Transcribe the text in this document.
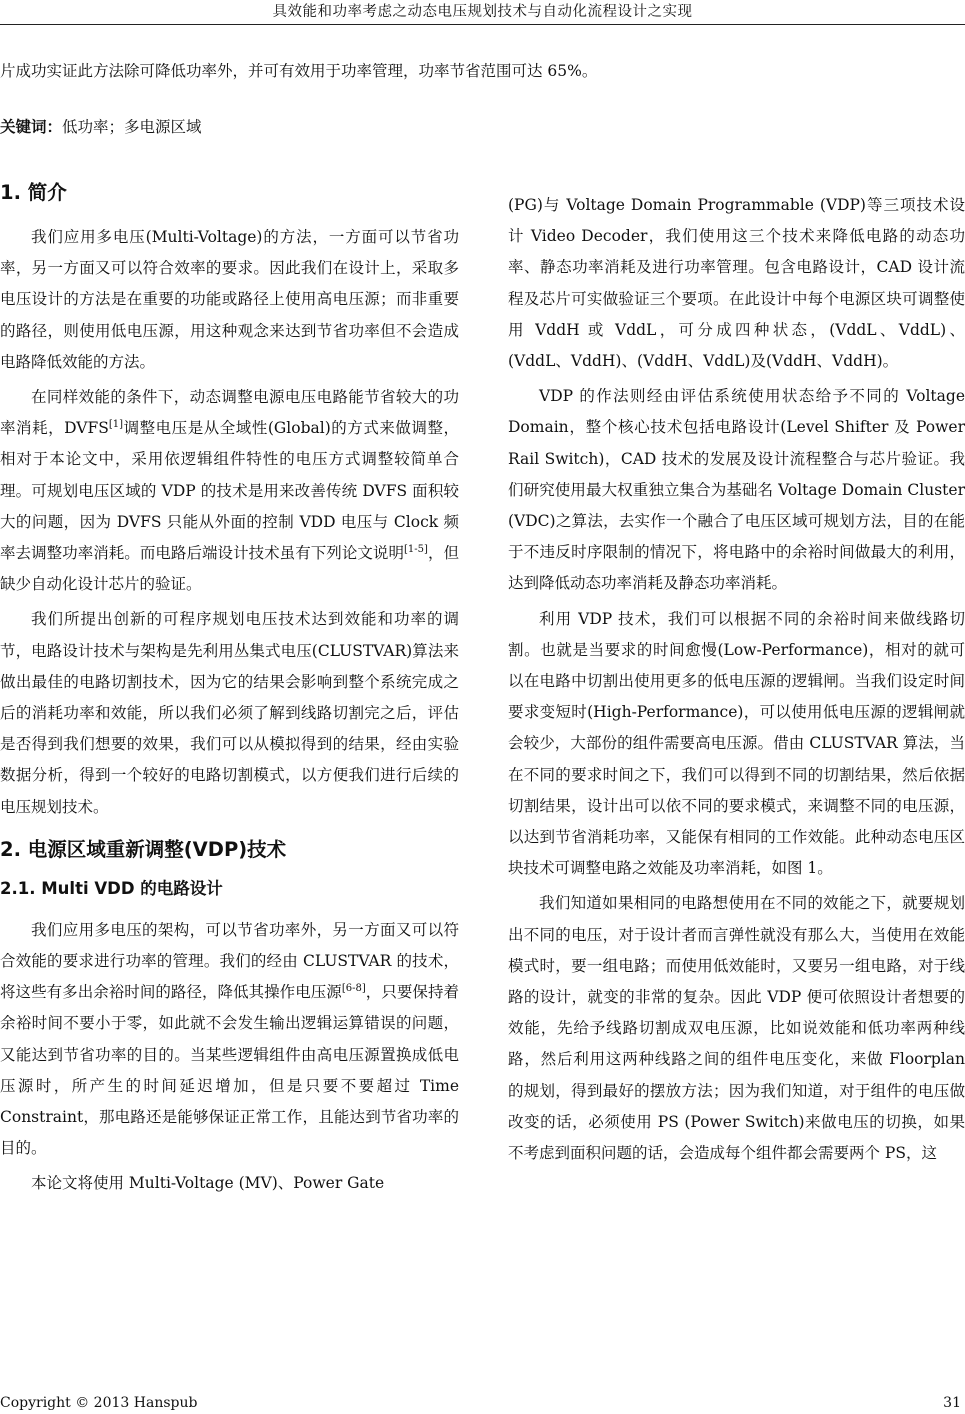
具效能和功率考虑之动态电压规划技术与自动化流程设计之实现
片成功实证此方法除可降低功率外，并可有效用于功率管理，功率节省范围可达 65%。
关键词：低功率；多电源区域
1. 简介

我们应用多电压(Multi-Voltage)的方法，一方面可以节省功率，另一方面又可以符合效率的要求。因此我们在设计上，采取多电压设计的方法是在重要的功能或路径上使用高电压源；而非重要的路径，则使用低电压源，用这种观念来达到节省功率但不会造成电路降低效能的方法。

在同样效能的条件下，动态调整电源电压电路能节省较大的功率消耗，DVFS[1]调整电压是从全域性(Global)的方式来做调整，相对于本论文中，采用依逻辑组件特性的电压方式调整较简单合理。可规划电压区域的 VDP 的技术是用来改善传统 DVFS 面积较大的问题，因为 DVFS 只能从外面的控制 VDD 电压与 Clock 频率去调整功率消耗。而电路后端设计技术虽有下列论文说明[1-5]，但缺少自动化设计芯片的验证。

我们所提出创新的可程序规划电压技术达到效能和功率的调节，电路设计技术与架构是先利用丛集式电压(CLUSTVAR)算法来做出最佳的电路切割技术，因为它的结果会影响到整个系统完成之后的消耗功率和效能，所以我们必须了解到线路切割完之后，评估是否得到我们想要的效果，我们可以从模拟得到的结果，经由实验数据分析，得到一个较好的电路切割模式，以方便我们进行后续的电压规划技术。

2. 电源区域重新调整(VDP)技术
2.1. Multi VDD 的电路设计

我们应用多电压的架构，可以节省功率外，另一方面又可以符合效能的要求进行功率的管理。我们的经由 CLUSTVAR 的技术，将这些有多出余裕时间的路径，降低其操作电压源[6-8]，只要保持着余裕时间不要小于零，如此就不会发生输出逻辑运算错误的问题，又能达到节省功率的目的。当某些逻辑组件由高电压源置换成低电压源时，所产生的时间延迟增加，但是只要不要超过 Time Constraint，那电路还是能够保证正常工作，且能达到节省功率的目的。

本论文将使用 Multi-Voltage (MV)、Power Gate

(PG)与 Voltage Domain Programmable (VDP)等三项技术设计 Video Decoder，我们使用这三个技术来降低电路的动态功率、静态功率消耗及进行功率管理。包含电路设计，CAD 设计流程及芯片可实做验证三个要项。在此设计中每个电源区块可调整使用 VddH 或 VddL，可分成四种状态，(VddL、VddL)、(VddL、VddH)、(VddH、VddL)及(VddH、VddH)。

VDP 的作法则经由评估系统使用状态给予不同的 Voltage Domain，整个核心技术包括电路设计(Level Shifter 及 Power Rail Switch)，CAD 技术的发展及设计流程整合与芯片验证。我们研究使用最大权重独立集合为基础名 Voltage Domain Cluster (VDC)之算法，去实作一个融合了电压区域可规划方法，目的在能于不违反时序限制的情况下，将电路中的余裕时间做最大的利用，达到降低动态功率消耗及静态功率消耗。

利用 VDP 技术，我们可以根据不同的余裕时间来做线路切割。也就是当要求的时间愈慢(Low-Performance)，相对的就可以在电路中切割出使用更多的低电压源的逻辑闸。当我们设定时间要求变短时(High-Performance)，可以使用低电压源的逻辑闸就会较少，大部份的组件需要高电压源。借由 CLUSTVAR 算法，当在不同的要求时间之下，我们可以得到不同的切割结果，然后依据切割结果，设计出可以依不同的要求模式，来调整不同的电压源，以达到节省消耗功率，又能保有相同的工作效能。此种动态电压区块技术可调整电路之效能及功率消耗，如图 1。

我们知道如果相同的电路想使用在不同的效能之下，就要规划出不同的电压，对于设计者而言弹性就没有那么大，当使用在效能模式时，要一组电路；而使用低效能时，又要另一组电路，对于线路的设计，就变的非常的复杂。因此 VDP 便可依照设计者想要的效能，先给予线路切割成双电压源，比如说效能和低功率两种线路，然后利用这两种线路之间的组件电压变化，来做 Floorplan 的规划，得到最好的摆放方法；因为我们知道，对于组件的电压做改变的话，必须使用 PS (Power Switch)来做电压的切换，如果不考虑到面积问题的话，会造成每个组件都会需要两个 PS，这

Copyright © 2013 Hanspub	31
